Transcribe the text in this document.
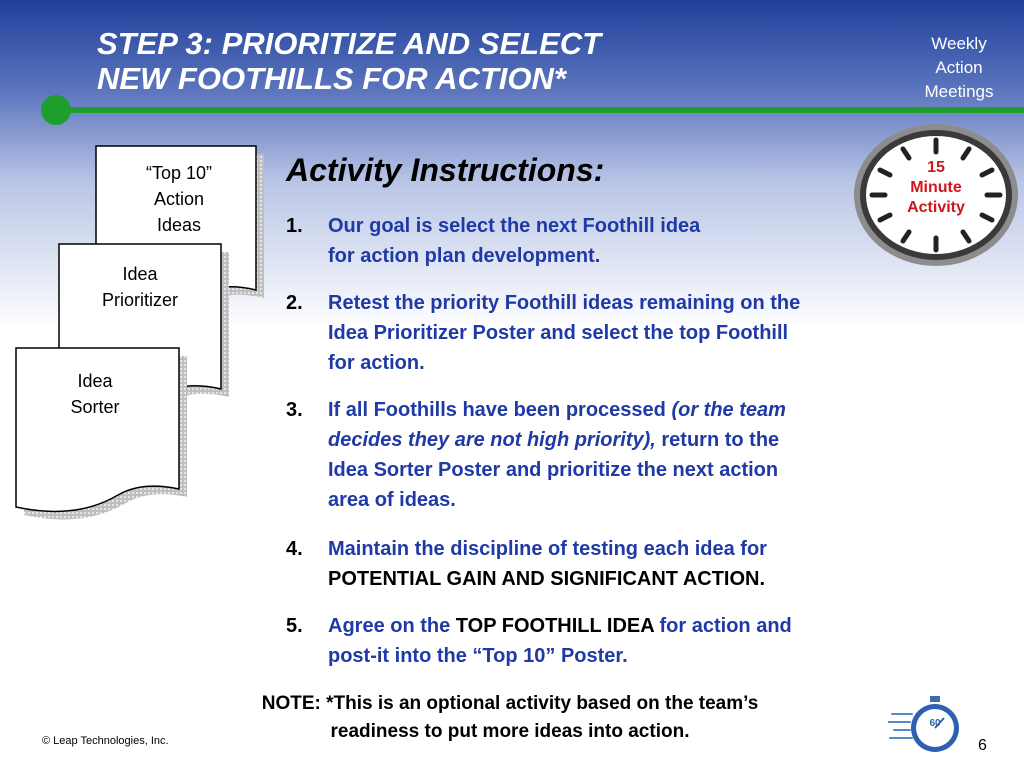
STEP 3: PRIORITIZE AND SELECT
NEW FOOTHILLS FOR ACTION*
Weekly
Action
Meetings
“Top 10”
Action
Ideas
Idea
Prioritizer
Idea
Sorter
15
Minute
Activity
Activity Instructions:
1. Our goal is select the next Foothill idea
for action plan development.
2. Retest the priority Foothill ideas remaining on the
Idea Prioritizer Poster and select the top Foothill
for action.
3. If all Foothills have been processed (or the team
decides they are not high priority), return to the
Idea Sorter Poster and prioritize the next action
area of ideas.
4. Maintain the discipline of testing each idea for
POTENTIAL GAIN AND SIGNIFICANT ACTION.
5. Agree on the TOP FOOTHILL IDEA for action and
post-it into the “Top 10” Poster.
NOTE: *This is an optional activity based on the team’s
readiness to put more ideas into action.
© Leap Technologies, Inc.
60
6
